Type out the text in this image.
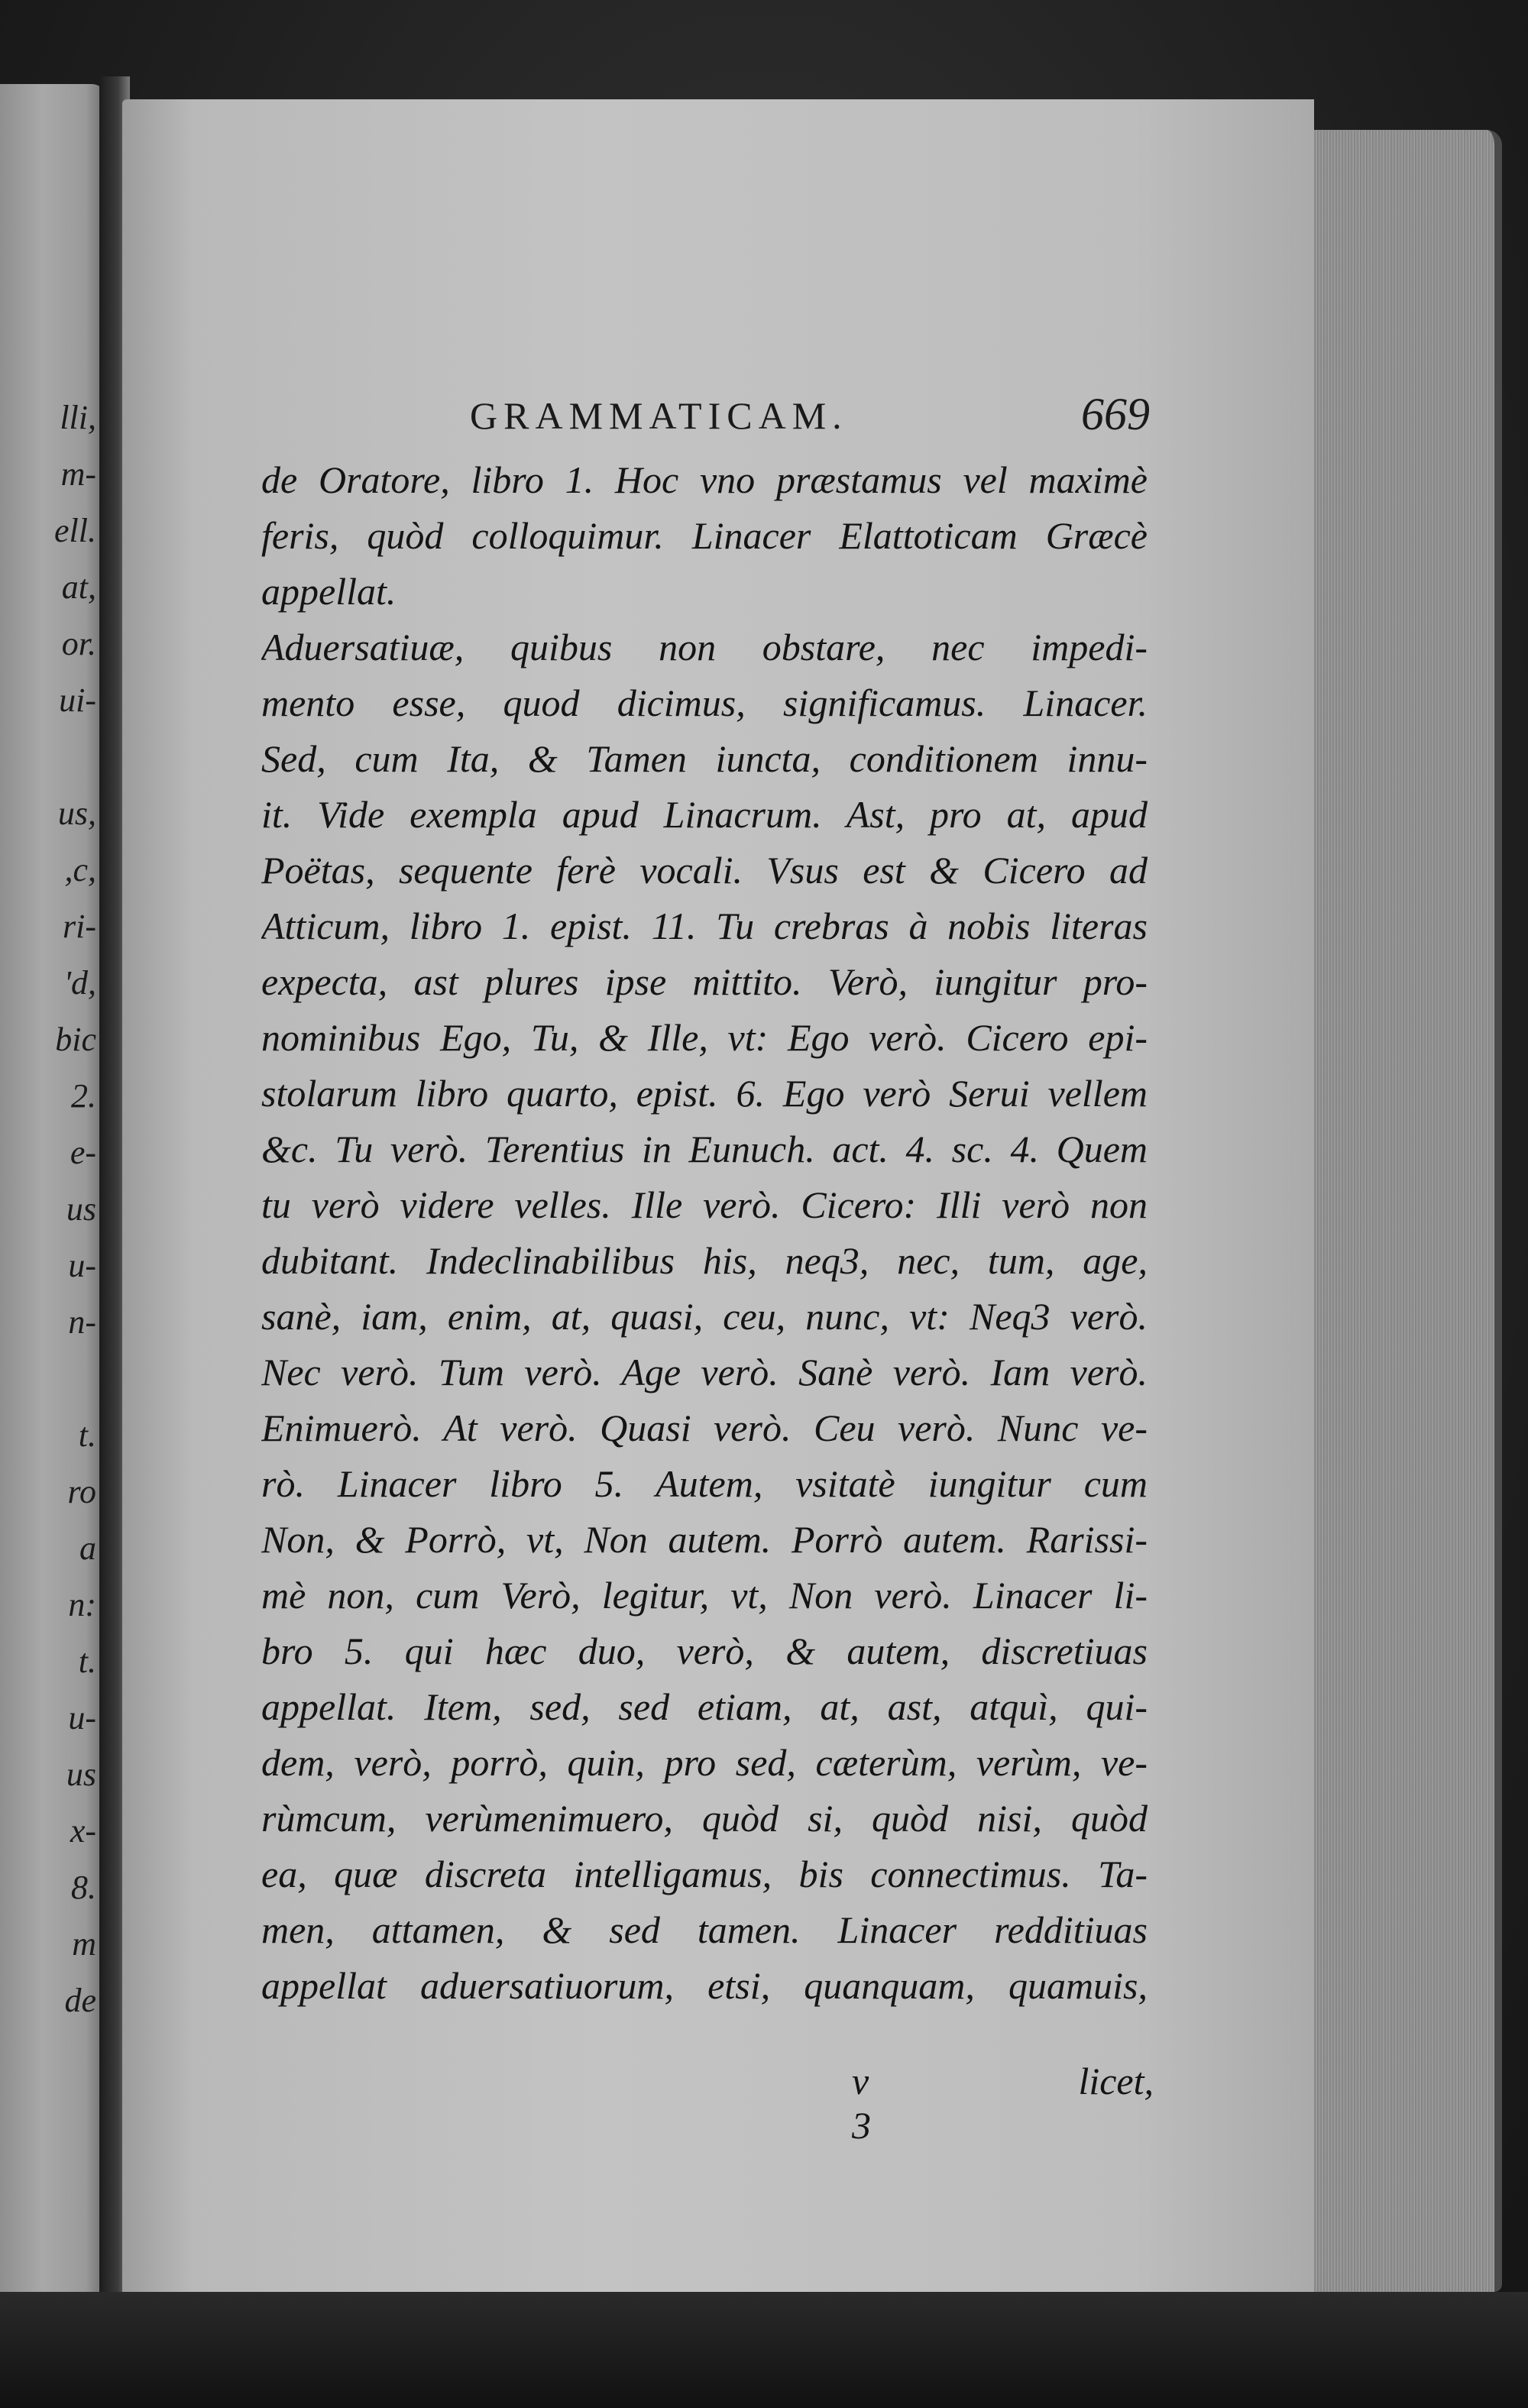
lli,
m-
ell.
at,
or.
ui-
us,
,c,
ri-
'd,
bic
2.
e-
us
u-
n-
t.
ro
a
n:
t.
u-
us
x-
8.
m
de
GRAMMATICAM.	669
de Oratore, libro 1. Hoc vno præstamus vel maximè
feris, quòd colloquimur. Linacer Elattoticam Græcè
appellat.
Aduersatiuæ, quibus non obstare, nec impedi-
mento esse, quod dicimus, significamus. Linacer.
Sed, cum Ita, & Tamen iuncta, conditionem innu-
it. Vide exempla apud Linacrum. Ast, pro at, apud
Poëtas, sequente ferè vocali. Vsus est & Cicero ad
Atticum, libro 1. epist. 11. Tu crebras à nobis literas
expecta, ast plures ipse mittito. Verò, iungitur pro-
nominibus Ego, Tu, & Ille, vt: Ego verò. Cicero epi-
stolarum libro quarto, epist. 6. Ego verò Serui vellem
&c. Tu verò. Terentius in Eunuch. act. 4. sc. 4. Quem
tu verò videre velles. Ille verò. Cicero: Illi verò non
dubitant. Indeclinabilibus his, neq3, nec, tum, age,
sanè, iam, enim, at, quasi, ceu, nunc, vt: Neq3 verò.
Nec verò. Tum verò. Age verò. Sanè verò. Iam verò.
Enimuerò. At verò. Quasi verò. Ceu verò. Nunc ve-
rò. Linacer libro 5. Autem, vsitatè iungitur cum
Non, & Porrò, vt, Non autem. Porrò autem. Rarissi-
mè non, cum Verò, legitur, vt, Non verò. Linacer li-
bro 5. qui hæc duo, verò, & autem, discretiuas
appellat. Item, sed, sed etiam, at, ast, atquì, qui-
dem, verò, porrò, quin, pro sed, cæterùm, verùm, ve-
rùmcum, verùmenimuero, quòd si, quòd nisi, quòd
ea, quæ discreta intelligamus, bis connectimus. Ta-
men, attamen, & sed tamen. Linacer redditiuas
appellat aduersatiuorum, etsi, quanquam, quamuis,
v 3
licet,
